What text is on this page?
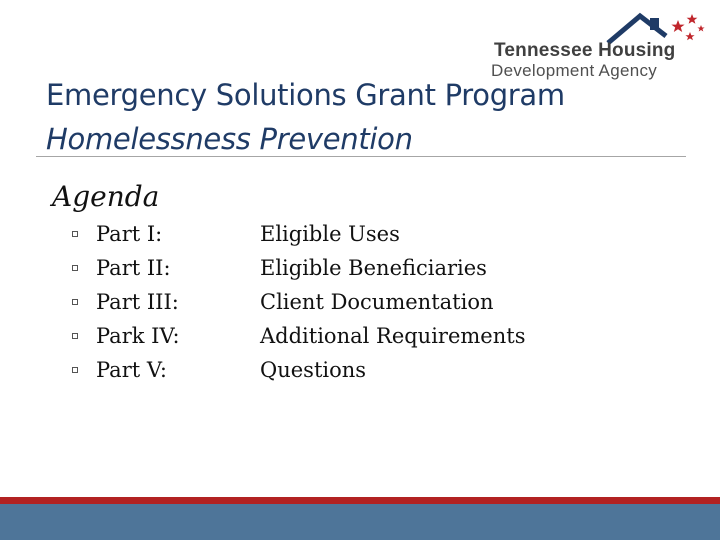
Tennessee Housing
Development Agency
Emergency Solutions Grant Program
Homelessness Prevention
Agenda
Part I:	Eligible Uses
Part II:	Eligible Beneficiaries
Part III:	Client Documentation
Park IV:	Additional Requirements
Part V:	Questions
